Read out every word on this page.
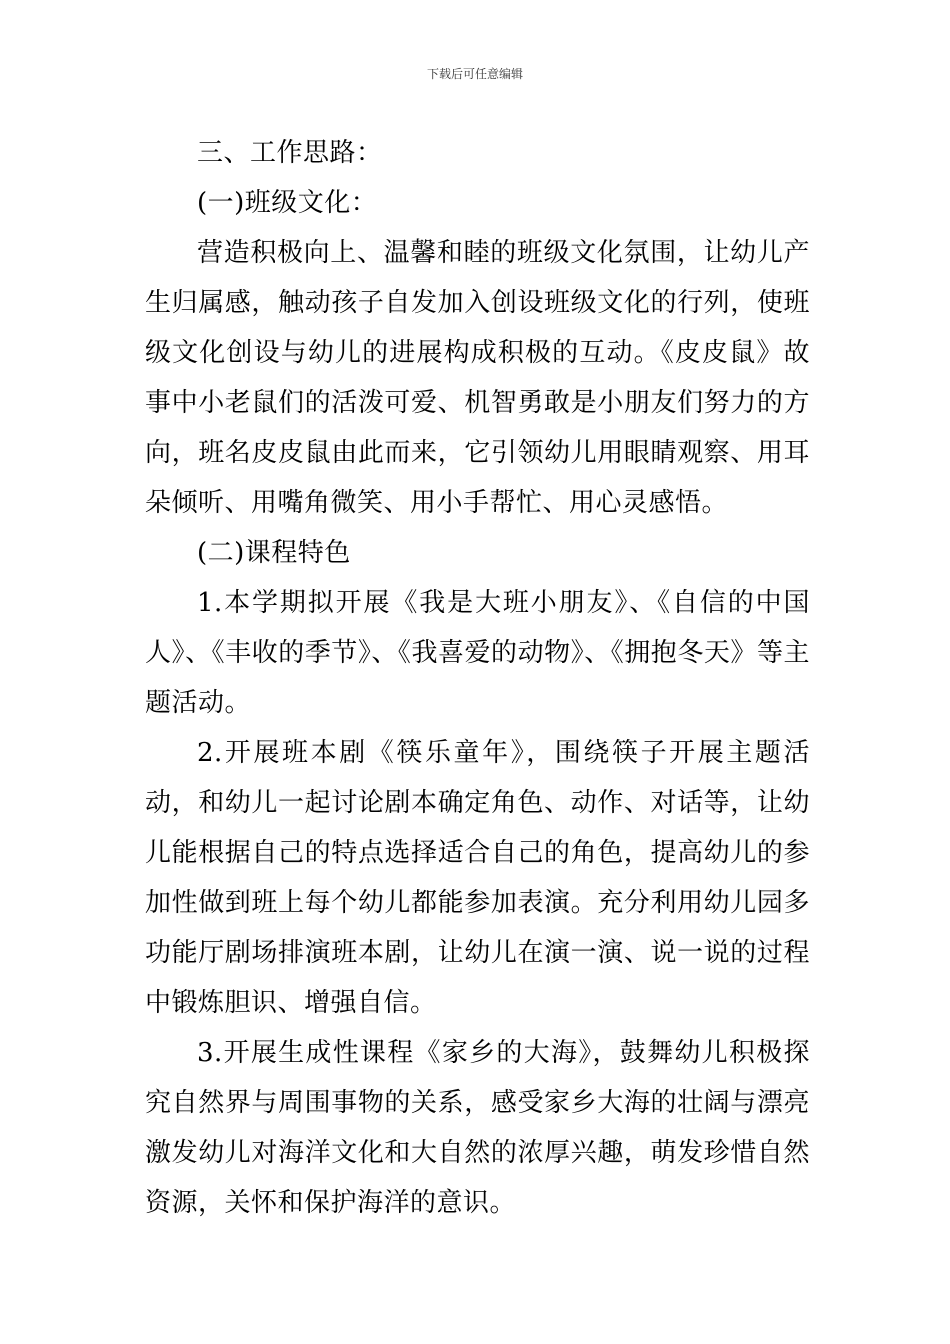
下载后可任意编辑

三、工作思路：

(一)班级文化：

营造积极向上、温馨和睦的班级文化氛围，让幼儿产生归属感，触动孩子自发加入创设班级文化的行列，使班级文化创设与幼儿的进展构成积极的互动。《皮皮鼠》故事中小老鼠们的活泼可爱、机智勇敢是小朋友们努力的方向，班名皮皮鼠由此而来，它引领幼儿用眼睛观察、用耳朵倾听、用嘴角微笑、用小手帮忙、用心灵感悟。

(二)课程特色

1.本学期拟开展《我是大班小朋友》、《自信的中国人》、《丰收的季节》、《我喜爱的动物》、《拥抱冬天》等主题活动。

2.开展班本剧《筷乐童年》，围绕筷子开展主题活动，和幼儿一起讨论剧本确定角色、动作、对话等，让幼儿能根据自己的特点选择适合自己的角色，提高幼儿的参加性做到班上每个幼儿都能参加表演。充分利用幼儿园多功能厅剧场排演班本剧，让幼儿在演一演、说一说的过程中锻炼胆识、增强自信。

3.开展生成性课程《家乡的大海》，鼓舞幼儿积极探究自然界与周围事物的关系，感受家乡大海的壮阔与漂亮激发幼儿对海洋文化和大自然的浓厚兴趣，萌发珍惜自然资源，关怀和保护海洋的意识。
